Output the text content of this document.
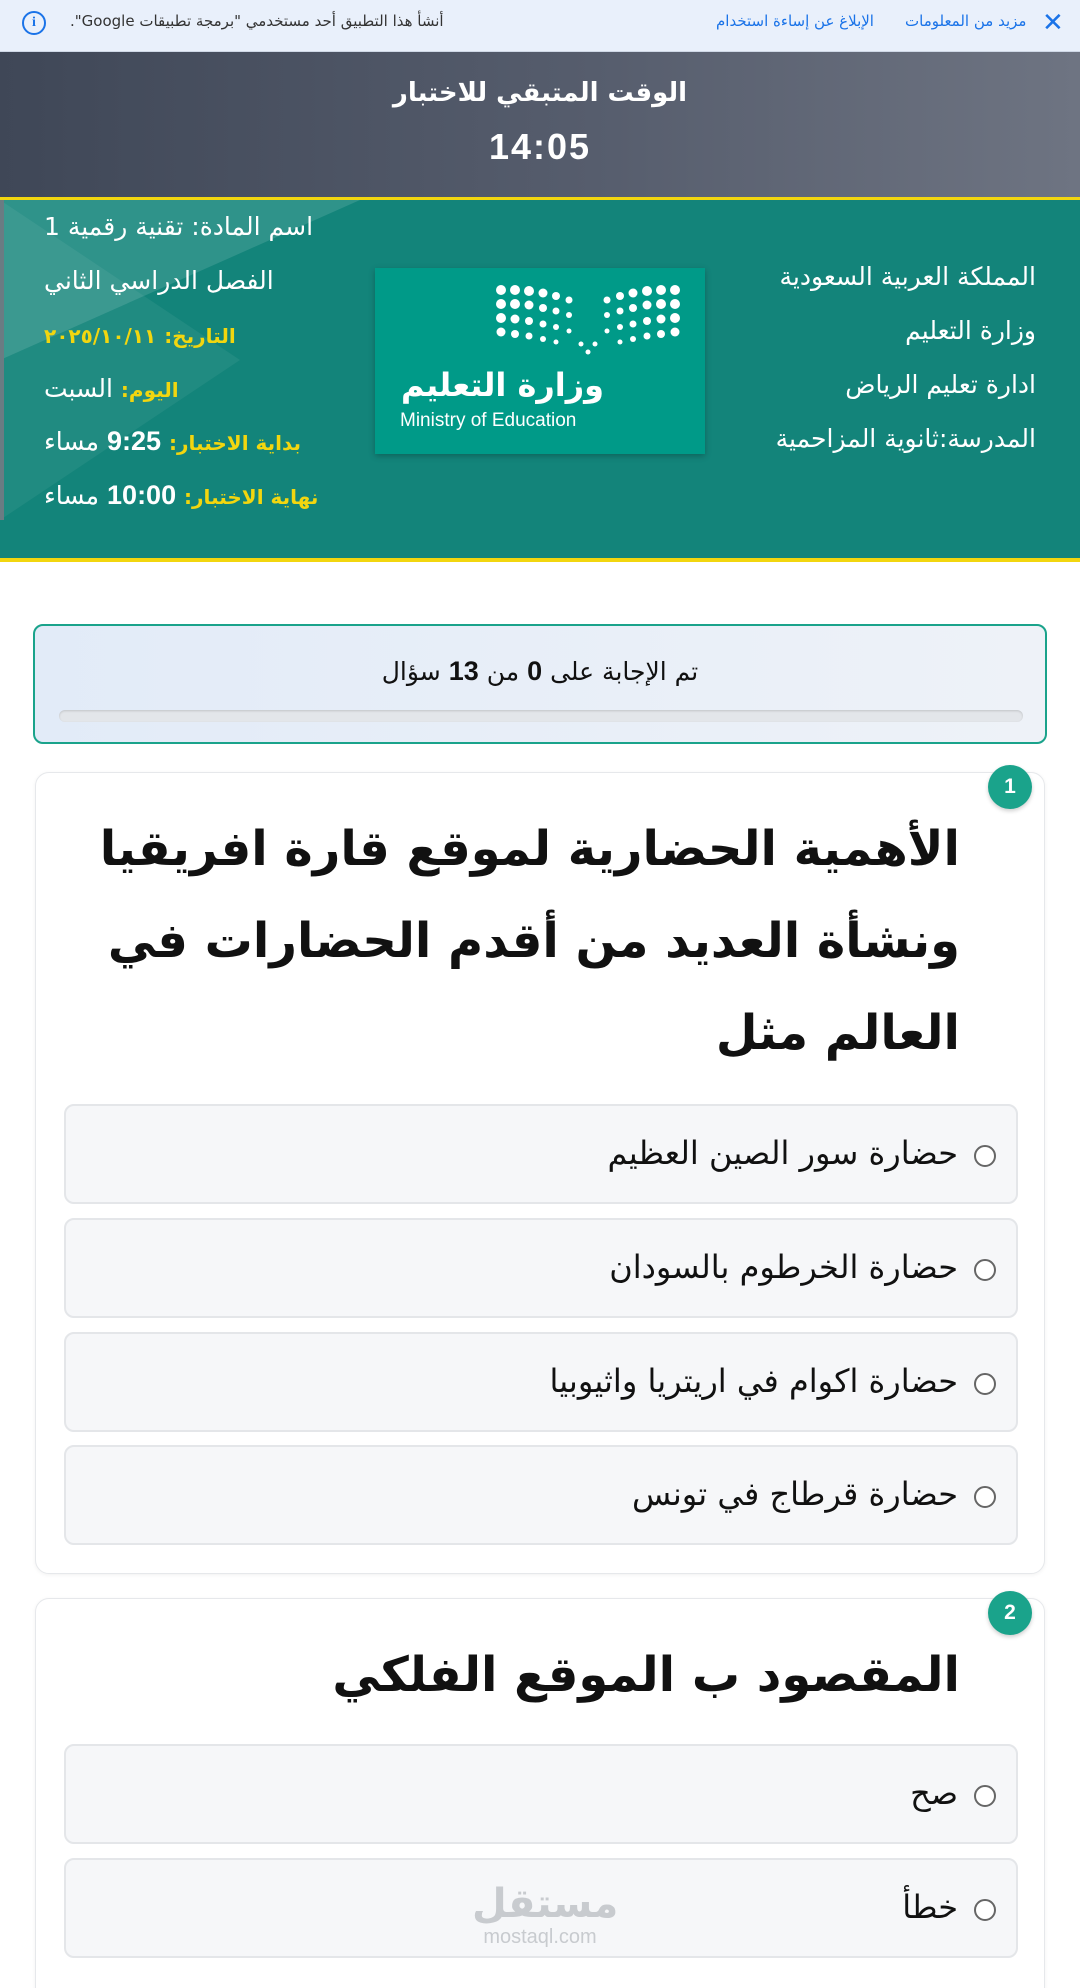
✕
مزيد من المعلومات
الإبلاغ عن إساءة استخدام
أنشأ هذا التطبيق أحد مستخدمي "برمجة تطبيقات Google".
i
الوقت المتبقي للاختبار
14:05
المملكة العربية السعودية
وزارة التعليم
ادارة تعليم الرياض
المدرسة:ثانوية المزاحمية
اسم المادة: تقنية رقمية 1
الفصل الدراسي الثاني
التاريخ: ٢٠٢٥/١٠/١١
اليوم: السبت
بداية الاختبار: 9:25 مساء
نهاية الاختبار: 10:00 مساء
وزارة التعليم
Ministry of Education
تم الإجابة على 0 من 13 سؤال
1
الأهمية الحضارية لموقع قارة افريقيا ونشأة العديد من أقدم الحضارات في العالم مثل
حضارة سور الصين العظيم
حضارة الخرطوم بالسودان
حضارة اكوام في اريتريا واثيوبيا
حضارة قرطاج في تونس
2
المقصود ب الموقع الفلكي
صح
خطأ
مستقل
mostaql.com
